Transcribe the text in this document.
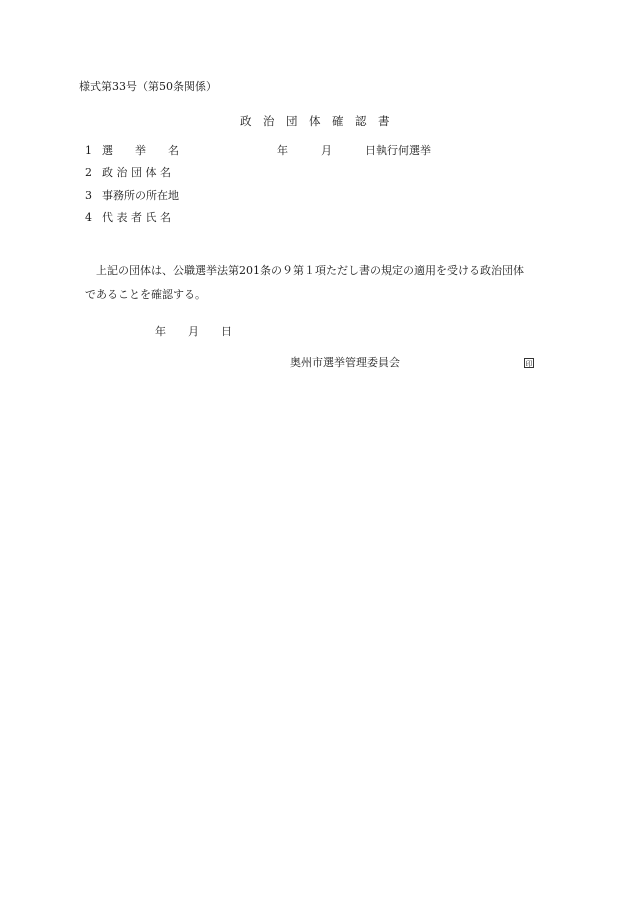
様式第33号（第50条関係）
政　治　団　体　確　認　書
1 選　　挙　　名	年　　　月　　　日執行何選挙
2 政 治 団 体 名
3 事務所の所在地
4 代 表 者 氏 名
上記の団体は、公職選挙法第201条の９第１項ただし書の規定の適用を受ける政治団体
であることを確認する。
年　　月　　日
奥州市選挙管理委員会	印
